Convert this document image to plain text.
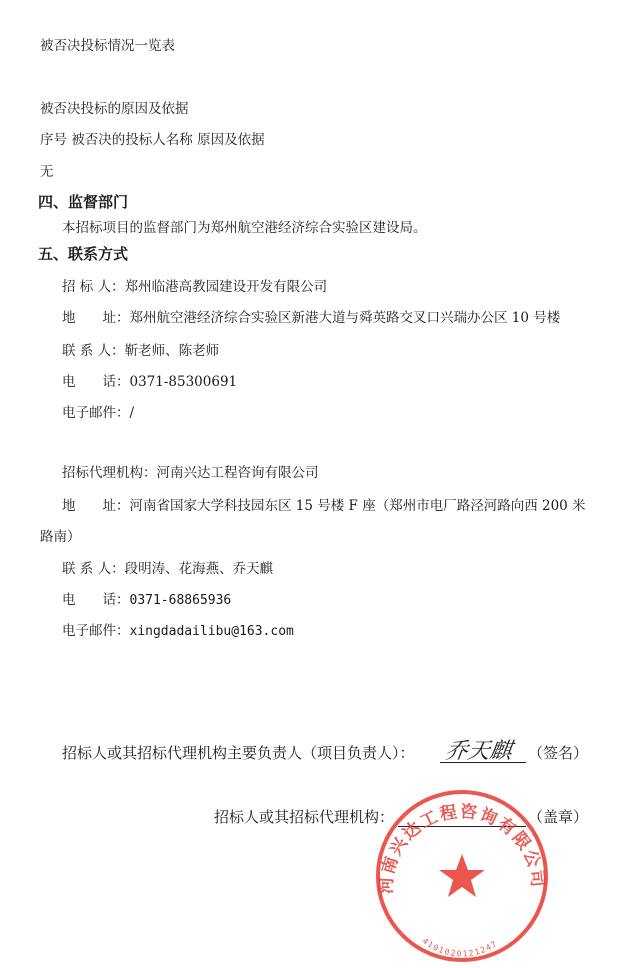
被否决投标情况一览表
被否决投标的原因及依据
序号 被否决的投标人名称 原因及依据
无
四、监督部门
本招标项目的监督部门为郑州航空港经济综合实验区建设局。
五、联系方式
招 标 人：郑州临港高教园建设开发有限公司
地　　址：郑州航空港经济综合实验区新港大道与舜英路交叉口兴瑞办公区 10 号楼
联 系 人：靳老师、陈老师
电　　话：0371-85300691
电子邮件：/
招标代理机构：河南兴达工程咨询有限公司
地　　址：河南省国家大学科技园东区 15 号楼 F 座（郑州市电厂路泾河路向西 200 米
路南）
联 系 人：段明涛、花海燕、乔天麒
电　　话：0371-68865936
电子邮件：xingdadailibu@163.com
招标人或其招标代理机构主要负责人（项目负责人）： 乔天麒 （签名）
招标人或其招标代理机构：	（盖章）
河南兴达工程咨询有限公司
4101020121247
